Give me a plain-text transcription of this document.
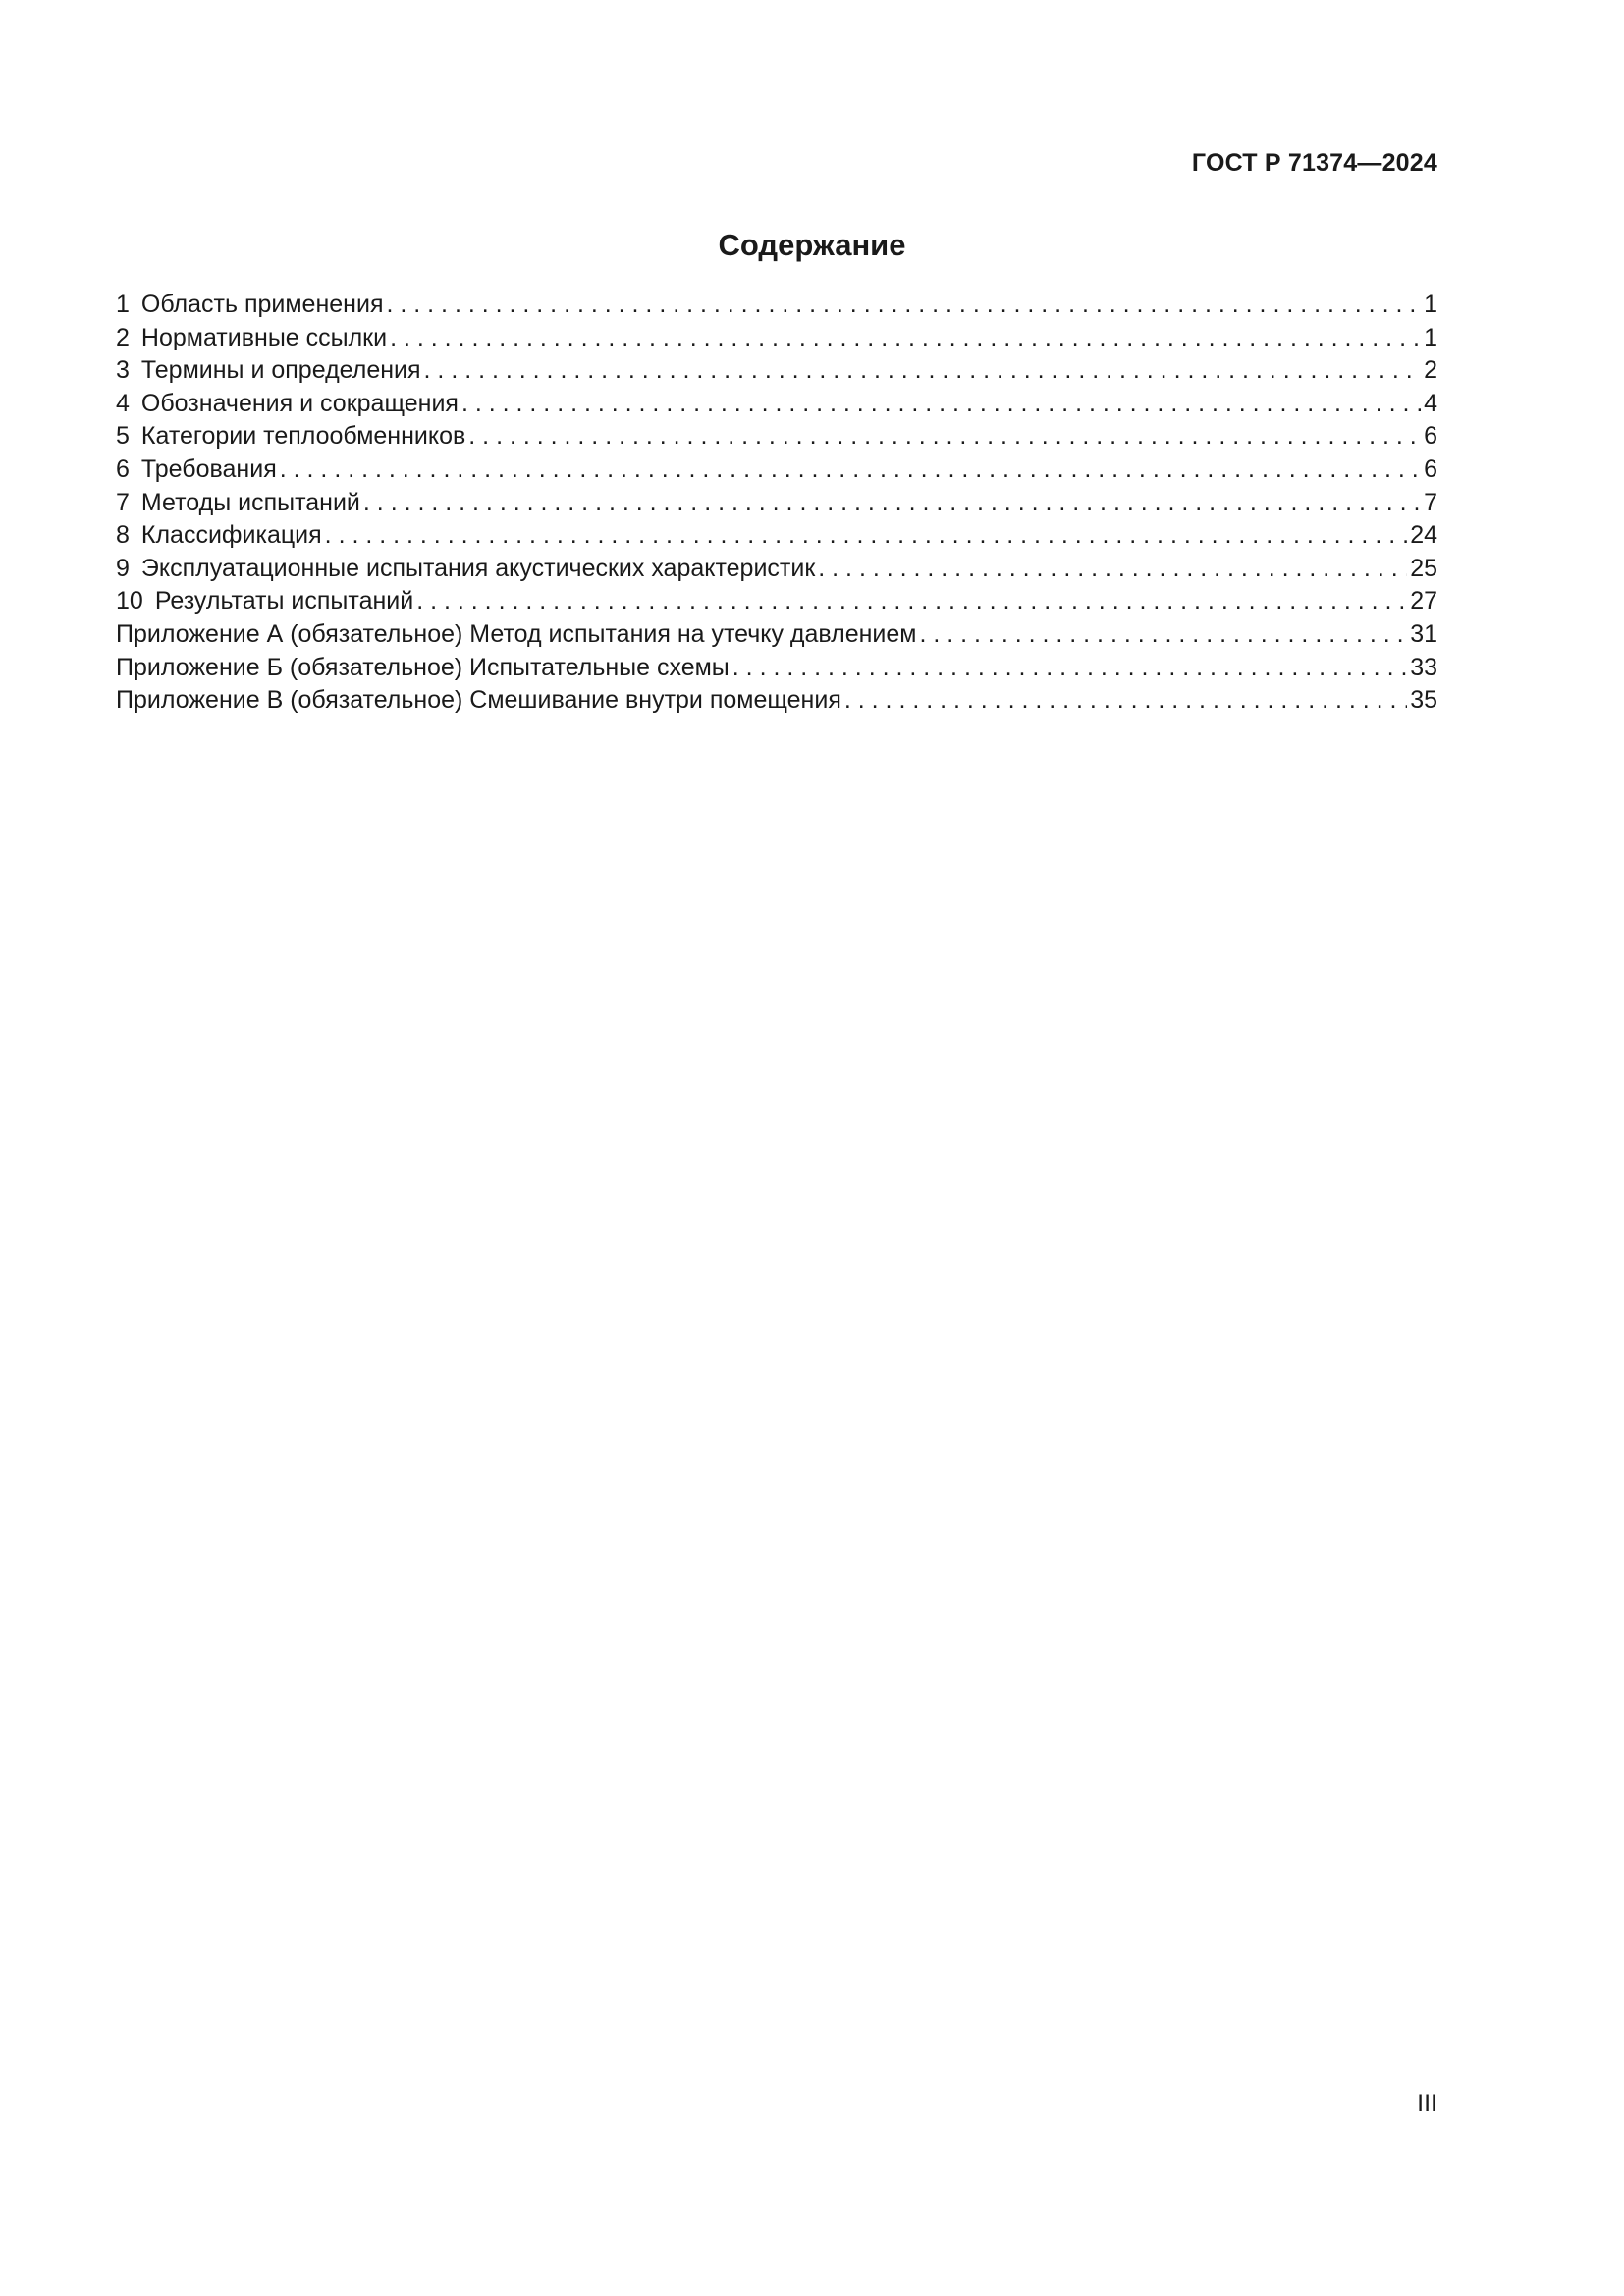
ГОСТ Р 71374—2024
Содержание
1 Область применения . . .	1
2 Нормативные ссылки . . .	1
3 Термины и определения . . .	2
4 Обозначения и сокращения . . .	4
5 Категории теплообменников . . .	6
6 Требования . . .	6
7 Методы испытаний . . .	7
8 Классификация . . .	24
9 Эксплуатационные испытания акустических характеристик . . .	25
10 Результаты испытаний . . .	27
Приложение А (обязательное) Метод испытания на утечку давлением . . .	31
Приложение Б (обязательное) Испытательные схемы . . .	33
Приложение В (обязательное) Смешивание внутри помещения . . .	35
III
